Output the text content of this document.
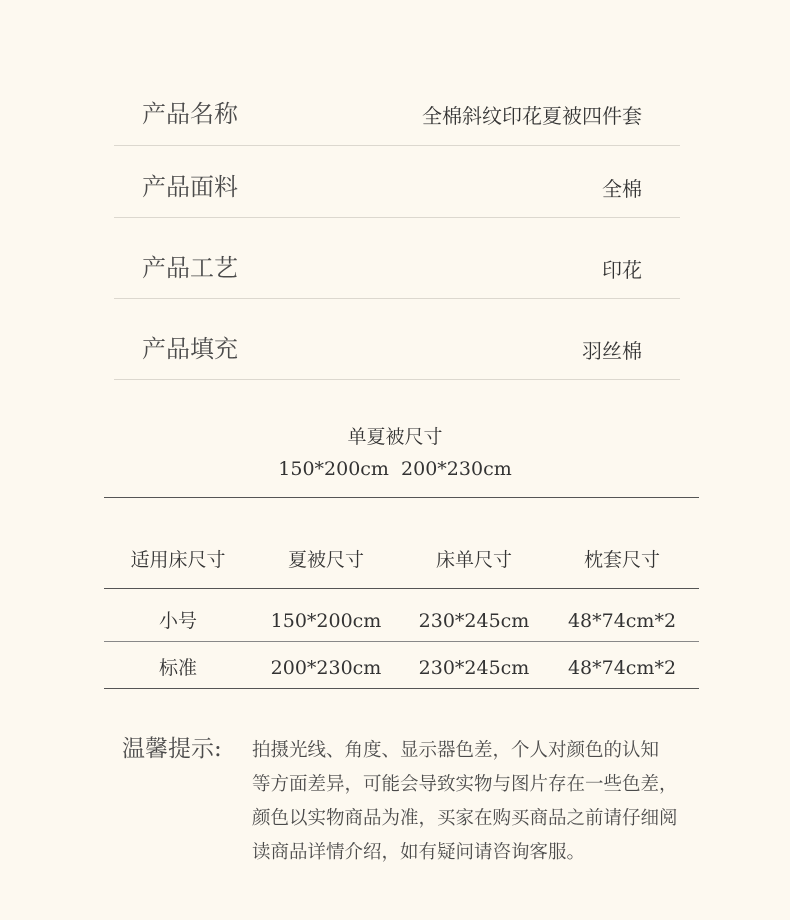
产品名称	全棉斜纹印花夏被四件套
产品面料	全棉
产品工艺	印花
产品填充	羽丝棉
单夏被尺寸
150*200cm  200*230cm
适用床尺寸	夏被尺寸	床单尺寸	枕套尺寸
小号	150*200cm	230*245cm	48*74cm*2
标准	200*230cm	230*245cm	48*74cm*2
温馨提示: 拍摄光线、角度、显示器色差，个人对颜色的认知
等方面差异，可能会导致实物与图片存在一些色差，
颜色以实物商品为准，买家在购买商品之前请仔细阅
读商品详情介绍，如有疑问请咨询客服。
